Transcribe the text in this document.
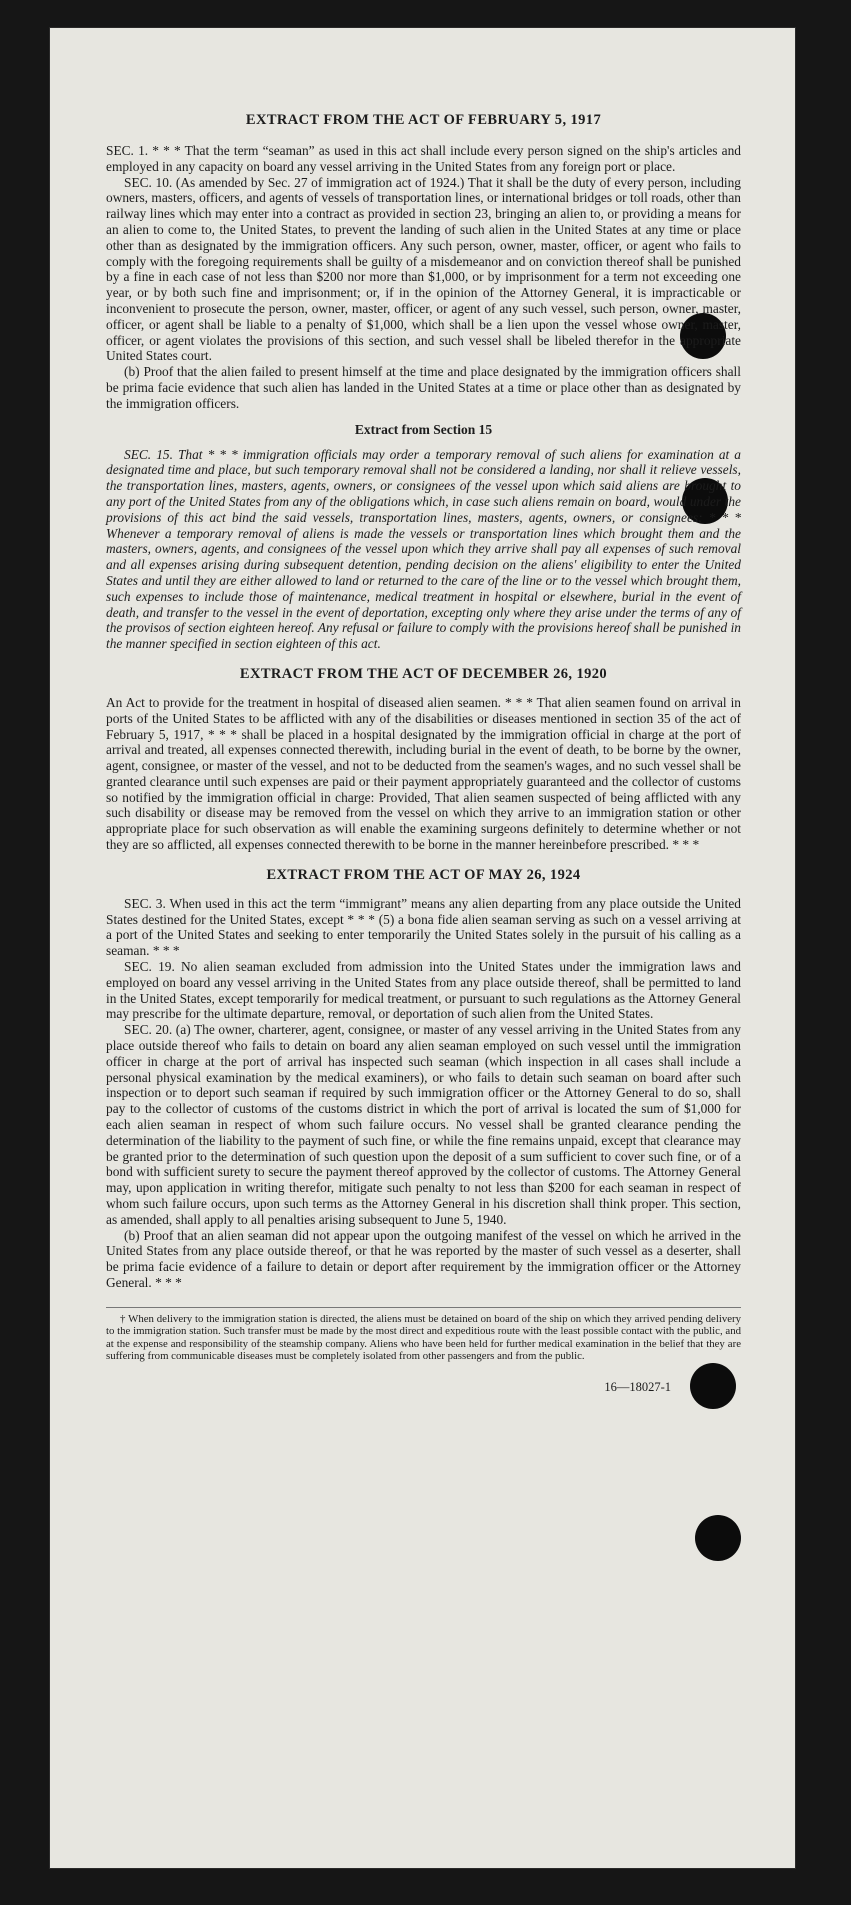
EXTRACT FROM THE ACT OF FEBRUARY 5, 1917

SEC. 1. * * * That the term “seaman” as used in this act shall include every person signed on the ship's articles and employed in any capacity on board any vessel arriving in the United States from any foreign port or place.

SEC. 10. (As amended by Sec. 27 of immigration act of 1924.) That it shall be the duty of every person, including owners, masters, officers, and agents of vessels of transportation lines, or international bridges or toll roads, other than railway lines which may enter into a contract as provided in section 23, bringing an alien to, or providing a means for an alien to come to, the United States, to prevent the landing of such alien in the United States at any time or place other than as designated by the immigration officers. Any such person, owner, master, officer, or agent who fails to comply with the foregoing requirements shall be guilty of a misdemeanor and on conviction thereof shall be punished by a fine in each case of not less than $200 nor more than $1,000, or by imprisonment for a term not exceeding one year, or by both such fine and imprisonment; or, if in the opinion of the Attorney General, it is impracticable or inconvenient to prosecute the person, owner, master, officer, or agent of any such vessel, such person, owner, master, officer, or agent shall be liable to a penalty of $1,000, which shall be a lien upon the vessel whose owner, master, officer, or agent violates the provisions of this section, and such vessel shall be libeled therefor in the appropriate United States court.

(b) Proof that the alien failed to present himself at the time and place designated by the immigration officers shall be prima facie evidence that such alien has landed in the United States at a time or place other than as designated by the immigration officers.

Extract from Section 15

SEC. 15. That * * * immigration officials may order a temporary removal of such aliens for examination at a designated time and place, but such temporary removal shall not be considered a landing, nor shall it relieve vessels, the transportation lines, masters, agents, owners, or consignees of the vessel upon which said aliens are brought to any port of the United States from any of the obligations which, in case such aliens remain on board, would under the provisions of this act bind the said vessels, transportation lines, masters, agents, owners, or consignees: * * * Whenever a temporary removal of aliens is made the vessels or transportation lines which brought them and the masters, owners, agents, and consignees of the vessel upon which they arrive shall pay all expenses of such removal and all expenses arising during subsequent detention, pending decision on the aliens' eligibility to enter the United States and until they are either allowed to land or returned to the care of the line or to the vessel which brought them, such expenses to include those of maintenance, medical treatment in hospital or elsewhere, burial in the event of death, and transfer to the vessel in the event of deportation, excepting only where they arise under the terms of any of the provisos of section eighteen hereof. Any refusal or failure to comply with the provisions hereof shall be punished in the manner specified in section eighteen of this act.

EXTRACT FROM THE ACT OF DECEMBER 26, 1920

An Act to provide for the treatment in hospital of diseased alien seamen. * * * That alien seamen found on arrival in ports of the United States to be afflicted with any of the disabilities or diseases mentioned in section 35 of the act of February 5, 1917, * * * shall be placed in a hospital designated by the immigration official in charge at the port of arrival and treated, all expenses connected therewith, including burial in the event of death, to be borne by the owner, agent, consignee, or master of the vessel, and not to be deducted from the seamen's wages, and no such vessel shall be granted clearance until such expenses are paid or their payment appropriately guaranteed and the collector of customs so notified by the immigration official in charge: Provided, That alien seamen suspected of being afflicted with any such disability or disease may be removed from the vessel on which they arrive to an immigration station or other appropriate place for such observation as will enable the examining surgeons definitely to determine whether or not they are so afflicted, all expenses connected therewith to be borne in the manner hereinbefore prescribed. * * *

EXTRACT FROM THE ACT OF MAY 26, 1924

SEC. 3. When used in this act the term “immigrant” means any alien departing from any place outside the United States destined for the United States, except * * * (5) a bona fide alien seaman serving as such on a vessel arriving at a port of the United States and seeking to enter temporarily the United States solely in the pursuit of his calling as a seaman. * * *

SEC. 19. No alien seaman excluded from admission into the United States under the immigration laws and employed on board any vessel arriving in the United States from any place outside thereof, shall be permitted to land in the United States, except temporarily for medical treatment, or pursuant to such regulations as the Attorney General may prescribe for the ultimate departure, removal, or deportation of such alien from the United States.

SEC. 20. (a) The owner, charterer, agent, consignee, or master of any vessel arriving in the United States from any place outside thereof who fails to detain on board any alien seaman employed on such vessel until the immigration officer in charge at the port of arrival has inspected such seaman (which inspection in all cases shall include a personal physical examination by the medical examiners), or who fails to detain such seaman on board after such inspection or to deport such seaman if required by such immigration officer or the Attorney General to do so, shall pay to the collector of customs of the customs district in which the port of arrival is located the sum of $1,000 for each alien seaman in respect of whom such failure occurs. No vessel shall be granted clearance pending the determination of the liability to the payment of such fine, or while the fine remains unpaid, except that clearance may be granted prior to the determination of such question upon the deposit of a sum sufficient to cover such fine, or of a bond with sufficient surety to secure the payment thereof approved by the collector of customs. The Attorney General may, upon application in writing therefor, mitigate such penalty to not less than $200 for each seaman in respect of whom such failure occurs, upon such terms as the Attorney General in his discretion shall think proper. This section, as amended, shall apply to all penalties arising subsequent to June 5, 1940.

(b) Proof that an alien seaman did not appear upon the outgoing manifest of the vessel on which he arrived in the United States from any place outside thereof, or that he was reported by the master of such vessel as a deserter, shall be prima facie evidence of a failure to detain or deport after requirement by the immigration officer or the Attorney General. * * *

† When delivery to the immigration station is directed, the aliens must be detained on board of the ship on which they arrived pending delivery to the immigration station. Such transfer must be made by the most direct and expeditious route with the least possible contact with the public, and at the expense and responsibility of the steamship company. Aliens who have been held for further medical examination in the belief that they are suffering from communicable diseases must be completely isolated from other passengers and from the public.
16—18027-1
